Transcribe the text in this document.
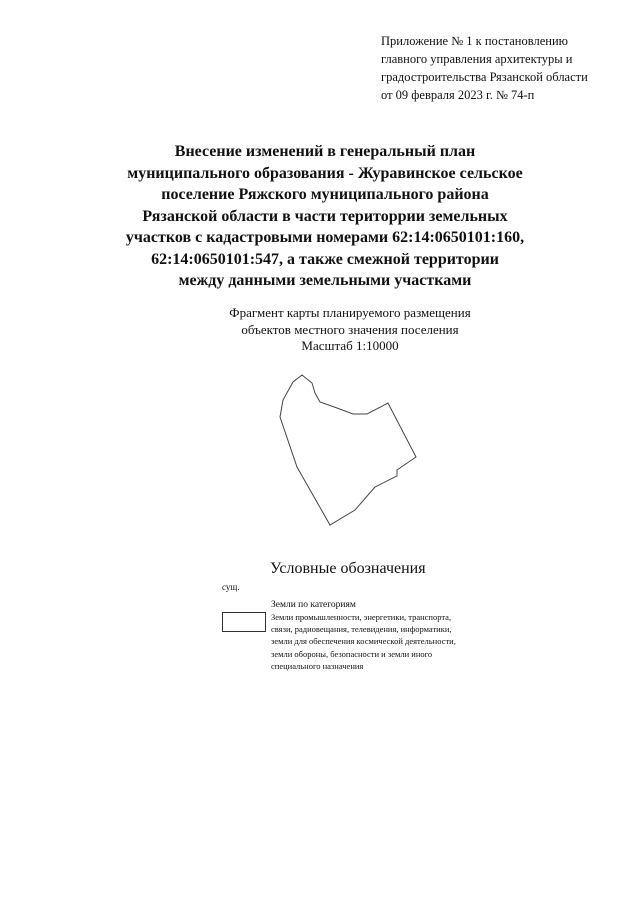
Приложение № 1 к постановлению
главного управления архитектуры и
градостроительства Рязанской области
от 09 февраля 2023 г. № 74-п
Внесение изменений в генеральный план
муниципального образования - Журавинское сельское
поселение Ряжского муниципального района
Рязанской области в части територрии земельных
участков с кадастровыми номерами 62:14:0650101:160,
62:14:0650101:547, а также смежной территории
между данными земельными участками
Фрагмент карты планируемого размещения
объектов местного значения поселения
Масштаб 1:10000
Условные обозначения
сущ.
Земли по категориям
Земли промышленности, энергетики, транспорта,
связи, радиовещания, телевидения, информатики,
земли для обеспечения космической деятельности,
земли обороны, безопасности и земли иного
специального назначения
